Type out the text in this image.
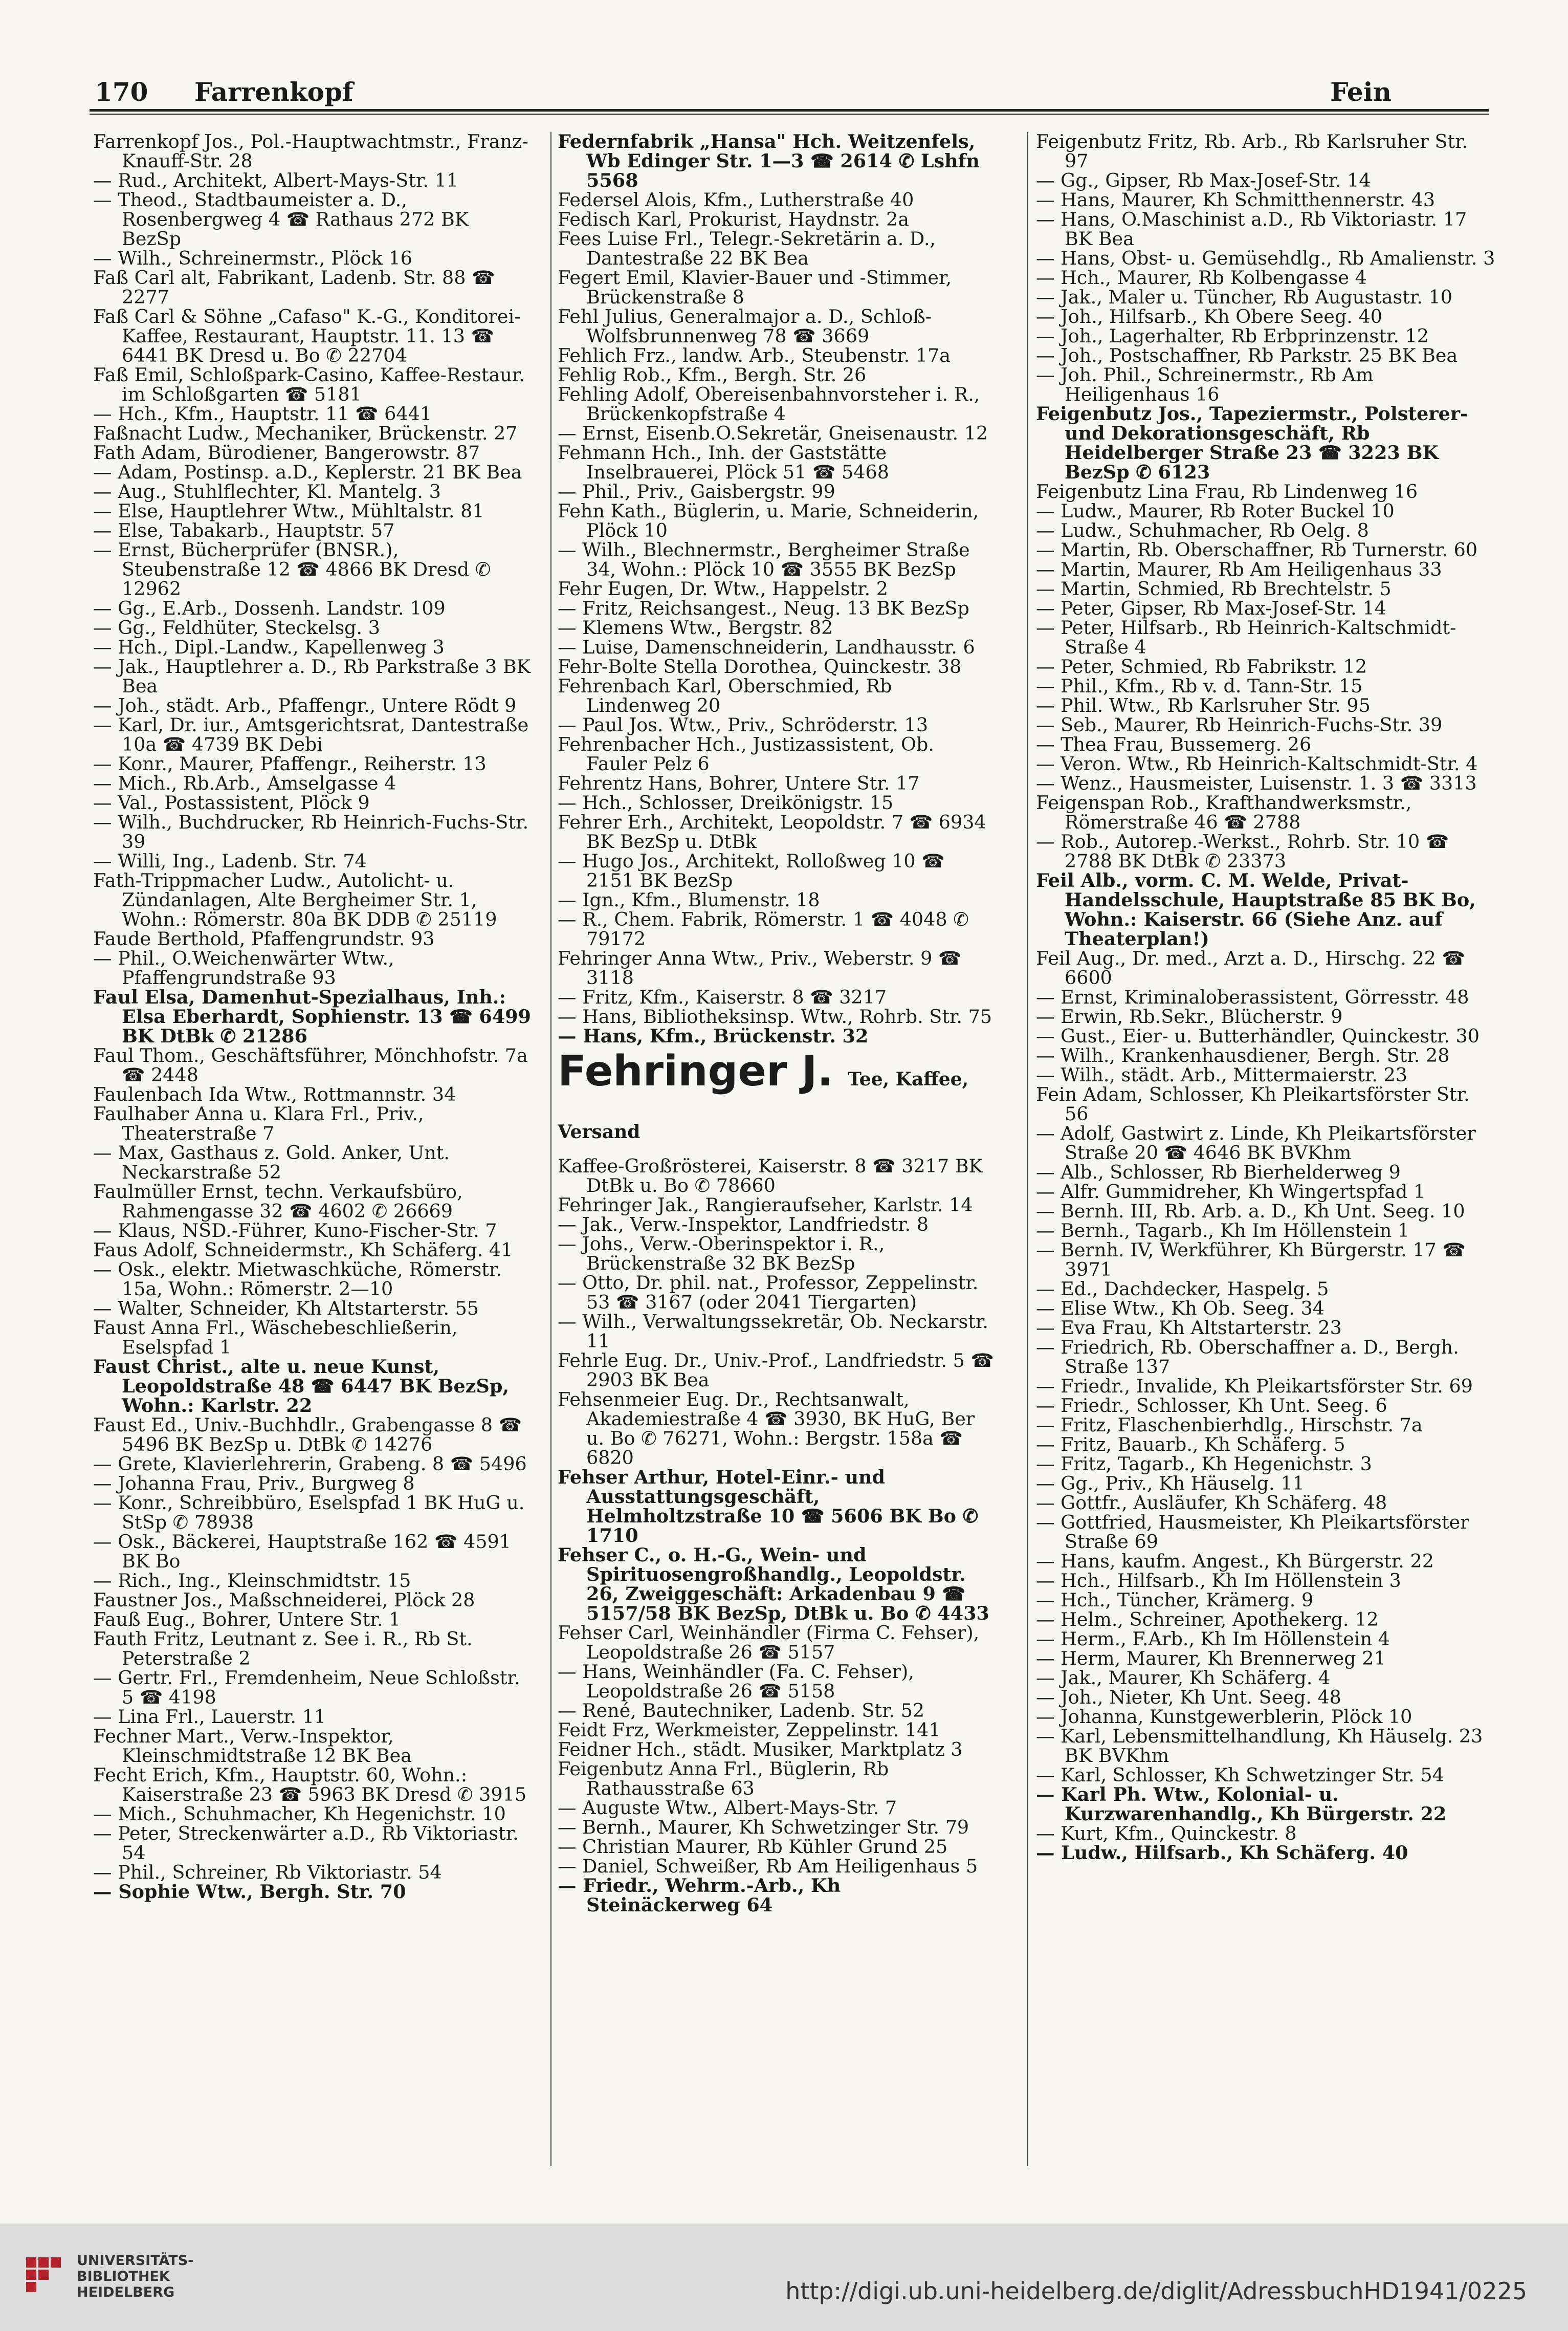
170 Farrenkopf	Fein

Farrenkopf Jos., Pol.-Hauptwachtmstr., Franz-Knauff-Str. 28

— Rud., Architekt, Albert-Mays-Str. 11

— Theod., Stadtbaumeister a. D., Rosenbergweg 4 ☎ Rathaus 272 BK BezSp

— Wilh., Schreinermstr., Plöck 16

Faß Carl alt, Fabrikant, Ladenb. Str. 88 ☎ 2277

Faß Carl & Söhne „Cafaso" K.-G., Konditorei-Kaffee, Restaurant, Hauptstr. 11. 13 ☎ 6441 BK Dresd u. Bo ✆ 22704

Faß Emil, Schloßpark-Casino, Kaffee-Restaur. im Schloßgarten ☎ 5181

— Hch., Kfm., Hauptstr. 11 ☎ 6441

Faßnacht Ludw., Mechaniker, Brückenstr. 27

Fath Adam, Bürodiener, Bangerowstr. 87

— Adam, Postinsp. a.D., Keplerstr. 21 BK Bea

— Aug., Stuhlflechter, Kl. Mantelg. 3

— Else, Hauptlehrer Wtw., Mühltalstr. 81

— Else, Tabakarb., Hauptstr. 57

— Ernst, Bücherprüfer (BNSR.), Steubenstraße 12 ☎ 4866 BK Dresd ✆ 12962

— Gg., E.Arb., Dossenh. Landstr. 109

— Gg., Feldhüter, Steckelsg. 3

— Hch., Dipl.-Landw., Kapellenweg 3

— Jak., Hauptlehrer a. D., Rb Parkstraße 3 BK Bea

— Joh., städt. Arb., Pfaffengr., Untere Rödt 9

— Karl, Dr. iur., Amtsgerichtsrat, Dantestraße 10a ☎ 4739 BK Debi

— Konr., Maurer, Pfaffengr., Reiherstr. 13

— Mich., Rb.Arb., Amselgasse 4

— Val., Postassistent, Plöck 9

— Wilh., Buchdrucker, Rb Heinrich-Fuchs-Str. 39

— Willi, Ing., Ladenb. Str. 74

Fath-Trippmacher Ludw., Autolicht- u. Zündanlagen, Alte Bergheimer Str. 1, Wohn.: Römerstr. 80a BK DDB ✆ 25119

Faude Berthold, Pfaffengrundstr. 93

— Phil., O.Weichenwärter Wtw., Pfaffengrundstraße 93

Faul Elsa, Damenhut-Spezialhaus, Inh.: Elsa Eberhardt, Sophienstr. 13 ☎ 6499 BK DtBk ✆ 21286

Faul Thom., Geschäftsführer, Mönchhofstr. 7a ☎ 2448

Faulenbach Ida Wtw., Rottmannstr. 34

Faulhaber Anna u. Klara Frl., Priv., Theaterstraße 7

— Max, Gasthaus z. Gold. Anker, Unt. Neckarstraße 52

Faulmüller Ernst, techn. Verkaufsbüro, Rahmengasse 32 ☎ 4602 ✆ 26669

— Klaus, NSD.-Führer, Kuno-Fischer-Str. 7

Faus Adolf, Schneidermstr., Kh Schäferg. 41

— Osk., elektr. Mietwaschküche, Römerstr. 15a, Wohn.: Römerstr. 2—10

— Walter, Schneider, Kh Altstarterstr. 55

Faust Anna Frl., Wäschebeschließerin, Eselspfad 1

Faust Christ., alte u. neue Kunst, Leopoldstraße 48 ☎ 6447 BK BezSp, Wohn.: Karlstr. 22

Faust Ed., Univ.-Buchhdlr., Grabengasse 8 ☎ 5496 BK BezSp u. DtBk ✆ 14276

— Grete, Klavierlehrerin, Grabeng. 8 ☎ 5496

— Johanna Frau, Priv., Burgweg 8

— Konr., Schreibbüro, Eselspfad 1 BK HuG u. StSp ✆ 78938

— Osk., Bäckerei, Hauptstraße 162 ☎ 4591 BK Bo

— Rich., Ing., Kleinschmidtstr. 15

Faustner Jos., Maßschneiderei, Plöck 28

Fauß Eug., Bohrer, Untere Str. 1

Fauth Fritz, Leutnant z. See i. R., Rb St. Peterstraße 2

— Gertr. Frl., Fremdenheim, Neue Schloßstr. 5 ☎ 4198

— Lina Frl., Lauerstr. 11

Fechner Mart., Verw.-Inspektor, Kleinschmidtstraße 12 BK Bea

Fecht Erich, Kfm., Hauptstr. 60, Wohn.: Kaiserstraße 23 ☎ 5963 BK Dresd ✆ 3915

— Mich., Schuhmacher, Kh Hegenichstr. 10

— Peter, Streckenwärter a.D., Rb Viktoriastr. 54

— Phil., Schreiner, Rb Viktoriastr. 54

— Sophie Wtw., Bergh. Str. 70

Federnfabrik „Hansa" Hch. Weitzenfels, Wb Edinger Str. 1—3 ☎ 2614 ✆ Lshfn 5568

Federsel Alois, Kfm., Lutherstraße 40

Fedisch Karl, Prokurist, Haydnstr. 2a

Fees Luise Frl., Telegr.-Sekretärin a. D., Dantestraße 22 BK Bea

Fegert Emil, Klavier-Bauer und -Stimmer, Brückenstraße 8

Fehl Julius, Generalmajor a. D., Schloß-Wolfsbrunnenweg 78 ☎ 3669

Fehlich Frz., landw. Arb., Steubenstr. 17a

Fehlig Rob., Kfm., Bergh. Str. 26

Fehling Adolf, Obereisenbahnvorsteher i. R., Brückenkopfstraße 4

— Ernst, Eisenb.O.Sekretär, Gneisenaustr. 12

Fehmann Hch., Inh. der Gaststätte Inselbrauerei, Plöck 51 ☎ 5468

— Phil., Priv., Gaisbergstr. 99

Fehn Kath., Büglerin, u. Marie, Schneiderin, Plöck 10

— Wilh., Blechnermstr., Bergheimer Straße 34, Wohn.: Plöck 10 ☎ 3555 BK BezSp

Fehr Eugen, Dr. Wtw., Happelstr. 2

— Fritz, Reichsangest., Neug. 13 BK BezSp

— Klemens Wtw., Bergstr. 82

— Luise, Damenschneiderin, Landhausstr. 6

Fehr-Bolte Stella Dorothea, Quinckestr. 38

Fehrenbach Karl, Oberschmied, Rb Lindenweg 20

— Paul Jos. Wtw., Priv., Schröderstr. 13

Fehrenbacher Hch., Justizassistent, Ob. Fauler Pelz 6

Fehrentz Hans, Bohrer, Untere Str. 17

— Hch., Schlosser, Dreikönigstr. 15

Fehrer Erh., Architekt, Leopoldstr. 7 ☎ 6934 BK BezSp u. DtBk

— Hugo Jos., Architekt, Rolloßweg 10 ☎ 2151 BK BezSp

— Ign., Kfm., Blumenstr. 18

— R., Chem. Fabrik, Römerstr. 1 ☎ 4048 ✆ 79172

Fehringer Anna Wtw., Priv., Weberstr. 9 ☎ 3118

— Fritz, Kfm., Kaiserstr. 8 ☎ 3217

— Hans, Bibliotheksinsp. Wtw., Rohrb. Str. 75

— Hans, Kfm., Brückenstr. 32

Fehringer J. Tee, Kaffee, Versand

Kaffee-Großrösterei, Kaiserstr. 8 ☎ 3217 BK DtBk u. Bo ✆ 78660

Fehringer Jak., Rangieraufseher, Karlstr. 14

— Jak., Verw.-Inspektor, Landfriedstr. 8

— Johs., Verw.-Oberinspektor i. R., Brückenstraße 32 BK BezSp

— Otto, Dr. phil. nat., Professor, Zeppelinstr. 53 ☎ 3167 (oder 2041 Tiergarten)

— Wilh., Verwaltungssekretär, Ob. Neckarstr. 11

Fehrle Eug. Dr., Univ.-Prof., Landfriedstr. 5 ☎ 2903 BK Bea

Fehsenmeier Eug. Dr., Rechtsanwalt, Akademiestraße 4 ☎ 3930, BK HuG, Ber u. Bo ✆ 76271, Wohn.: Bergstr. 158a ☎ 6820

Fehser Arthur, Hotel-Einr.- und Ausstattungsgeschäft, Helmholtzstraße 10 ☎ 5606 BK Bo ✆ 1710

Fehser C., o. H.-G., Wein- und Spirituosengroßhandlg., Leopoldstr. 26, Zweiggeschäft: Arkadenbau 9 ☎ 5157/58 BK BezSp, DtBk u. Bo ✆ 4433

Fehser Carl, Weinhändler (Firma C. Fehser), Leopoldstraße 26 ☎ 5157

— Hans, Weinhändler (Fa. C. Fehser), Leopoldstraße 26 ☎ 5158

— René, Bautechniker, Ladenb. Str. 52

Feidt Frz, Werkmeister, Zeppelinstr. 141

Feidner Hch., städt. Musiker, Marktplatz 3

Feigenbutz Anna Frl., Büglerin, Rb Rathausstraße 63

— Auguste Wtw., Albert-Mays-Str. 7

— Bernh., Maurer, Kh Schwetzinger Str. 79

— Christian Maurer, Rb Kühler Grund 25

— Daniel, Schweißer, Rb Am Heiligenhaus 5

— Friedr., Wehrm.-Arb., Kh Steinäckerweg 64

Feigenbutz Fritz, Rb. Arb., Rb Karlsruher Str. 97

— Gg., Gipser, Rb Max-Josef-Str. 14

— Hans, Maurer, Kh Schmitthennerstr. 43

— Hans, O.Maschinist a.D., Rb Viktoriastr. 17 BK Bea

— Hans, Obst- u. Gemüsehdlg., Rb Amalienstr. 3

— Hch., Maurer, Rb Kolbengasse 4

— Jak., Maler u. Tüncher, Rb Augustastr. 10

— Joh., Hilfsarb., Kh Obere Seeg. 40

— Joh., Lagerhalter, Rb Erbprinzenstr. 12

— Joh., Postschaffner, Rb Parkstr. 25 BK Bea

— Joh. Phil., Schreinermstr., Rb Am Heiligenhaus 16

Feigenbutz Jos., Tapeziermstr., Polsterer- und Dekorationsgeschäft, Rb Heidelberger Straße 23 ☎ 3223 BK BezSp ✆ 6123

Feigenbutz Lina Frau, Rb Lindenweg 16

— Ludw., Maurer, Rb Roter Buckel 10

— Ludw., Schuhmacher, Rb Oelg. 8

— Martin, Rb. Oberschaffner, Rb Turnerstr. 60

— Martin, Maurer, Rb Am Heiligenhaus 33

— Martin, Schmied, Rb Brechtelstr. 5

— Peter, Gipser, Rb Max-Josef-Str. 14

— Peter, Hilfsarb., Rb Heinrich-Kaltschmidt-Straße 4

— Peter, Schmied, Rb Fabrikstr. 12

— Phil., Kfm., Rb v. d. Tann-Str. 15

— Phil. Wtw., Rb Karlsruher Str. 95

— Seb., Maurer, Rb Heinrich-Fuchs-Str. 39

— Thea Frau, Bussemerg. 26

— Veron. Wtw., Rb Heinrich-Kaltschmidt-Str. 4

— Wenz., Hausmeister, Luisenstr. 1. 3 ☎ 3313

Feigenspan Rob., Krafthandwerksmstr., Römerstraße 46 ☎ 2788

— Rob., Autorep.-Werkst., Rohrb. Str. 10 ☎ 2788 BK DtBk ✆ 23373

Feil Alb., vorm. C. M. Welde, Privat-Handelsschule, Hauptstraße 85 BK Bo, Wohn.: Kaiserstr. 66 (Siehe Anz. auf Theaterplan!)

Feil Aug., Dr. med., Arzt a. D., Hirschg. 22 ☎ 6600

— Ernst, Kriminaloberassistent, Görresstr. 48

— Erwin, Rb.Sekr., Blücherstr. 9

— Gust., Eier- u. Butterhändler, Quinckestr. 30

— Wilh., Krankenhausdiener, Bergh. Str. 28

— Wilh., städt. Arb., Mittermaierstr. 23

Fein Adam, Schlosser, Kh Pleikartsförster Str. 56

— Adolf, Gastwirt z. Linde, Kh Pleikartsförster Straße 20 ☎ 4646 BK BVKhm

— Alb., Schlosser, Rb Bierhelderweg 9

— Alfr. Gummidreher, Kh Wingertspfad 1

— Bernh. III, Rb. Arb. a. D., Kh Unt. Seeg. 10

— Bernh., Tagarb., Kh Im Höllenstein 1

— Bernh. IV, Werkführer, Kh Bürgerstr. 17 ☎ 3971

— Ed., Dachdecker, Haspelg. 5

— Elise Wtw., Kh Ob. Seeg. 34

— Eva Frau, Kh Altstarterstr. 23

— Friedrich, Rb. Oberschaffner a. D., Bergh. Straße 137

— Friedr., Invalide, Kh Pleikartsförster Str. 69

— Friedr., Schlosser, Kh Unt. Seeg. 6

— Fritz, Flaschenbierhdlg., Hirschstr. 7a

— Fritz, Bauarb., Kh Schäferg. 5

— Fritz, Tagarb., Kh Hegenichstr. 3

— Gg., Priv., Kh Häuselg. 11

— Gottfr., Ausläufer, Kh Schäferg. 48

— Gottfried, Hausmeister, Kh Pleikartsförster Straße 69

— Hans, kaufm. Angest., Kh Bürgerstr. 22

— Hch., Hilfsarb., Kh Im Höllenstein 3

— Hch., Tüncher, Krämerg. 9

— Helm., Schreiner, Apothekerg. 12

— Herm., F.Arb., Kh Im Höllenstein 4

— Herm, Maurer, Kh Brennerweg 21

— Jak., Maurer, Kh Schäferg. 4

— Joh., Nieter, Kh Unt. Seeg. 48

— Johanna, Kunstgewerblerin, Plöck 10

— Karl, Lebensmittelhandlung, Kh Häuselg. 23 BK BVKhm

— Karl, Schlosser, Kh Schwetzinger Str. 54

— Karl Ph. Wtw., Kolonial- u. Kurzwarenhandlg., Kh Bürgerstr. 22

— Kurt, Kfm., Quinckestr. 8

— Ludw., Hilfsarb., Kh Schäferg. 40

UNIVERSITÄTS-
BIBLIOTHEK
HEIDELBERG	http://digi.ub.uni-heidelberg.de/diglit/AdressbuchHD1941/0225
